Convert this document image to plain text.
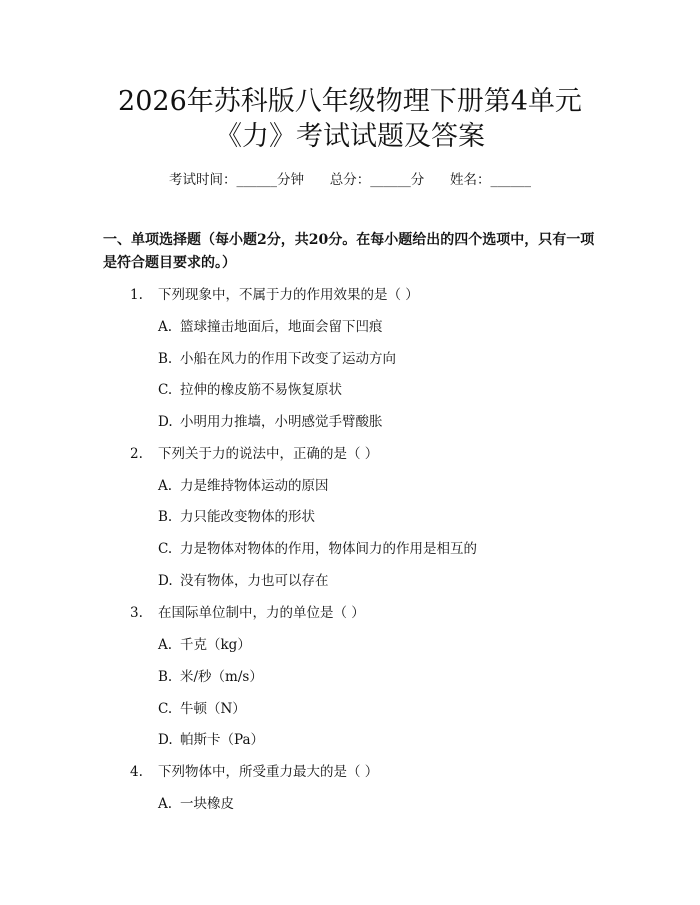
2026年苏科版八年级物理下册第4单元
《力》考试试题及答案
考试时间：______分钟      总分：______分      姓名：______
一、单项选择题（每小题2分，共20分。在每小题给出的四个选项中，只有一项是符合题目要求的。）
1. 下列现象中，不属于力的作用效果的是（ ）
A. 篮球撞击地面后，地面会留下凹痕
B. 小船在风力的作用下改变了运动方向
C. 拉伸的橡皮筋不易恢复原状
D. 小明用力推墙，小明感觉手臂酸胀
2. 下列关于力的说法中，正确的是（ ）
A. 力是维持物体运动的原因
B. 力只能改变物体的形状
C. 力是物体对物体的作用，物体间力的作用是相互的
D. 没有物体，力也可以存在
3. 在国际单位制中，力的单位是（ ）
A. 千克（kg）
B. 米/秒（m/s）
C. 牛顿（N）
D. 帕斯卡（Pa）
4. 下列物体中，所受重力最大的是（ ）
A. 一块橡皮
